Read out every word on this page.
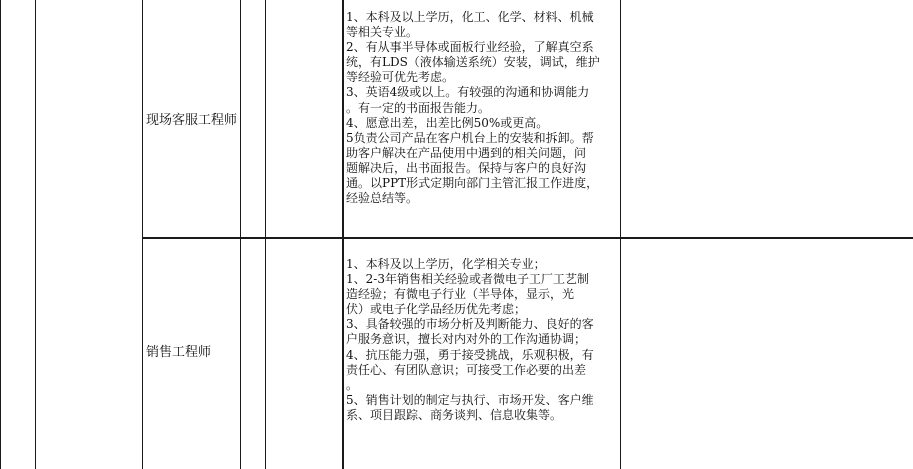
现场客服工程师
1、本科及以上学历，化工、化学、材料、机械
等相关专业。
2、有从事半导体或面板行业经验，了解真空系
统，有LDS（液体输送系统）安装，调试，维护
等经验可优先考虑。
3、英语4级或以上。有较强的沟通和协调能力
。有一定的书面报告能力。
4、愿意出差，出差比例50%或更高。
5负责公司产品在客户机台上的安装和拆卸。帮
助客户解决在产品使用中遇到的相关问题，问
题解决后，出书面报告。保持与客户的良好沟
通。以PPT形式定期向部门主管汇报工作进度，
经验总结等。
销售工程师
1、本科及以上学历，化学相关专业；
1、2-3年销售相关经验或者微电子工厂工艺制
造经验；有微电子行业（半导体，显示，光
伏）或电子化学品经历优先考虑；
3、具备较强的市场分析及判断能力、良好的客
户服务意识，擅长对内对外的工作沟通协调；
4、抗压能力强，勇于接受挑战，乐观积极，有
责任心、有团队意识；可接受工作必要的出差
。
5、销售计划的制定与执行、市场开发、客户维
系、项目跟踪、商务谈判、信息收集等。
